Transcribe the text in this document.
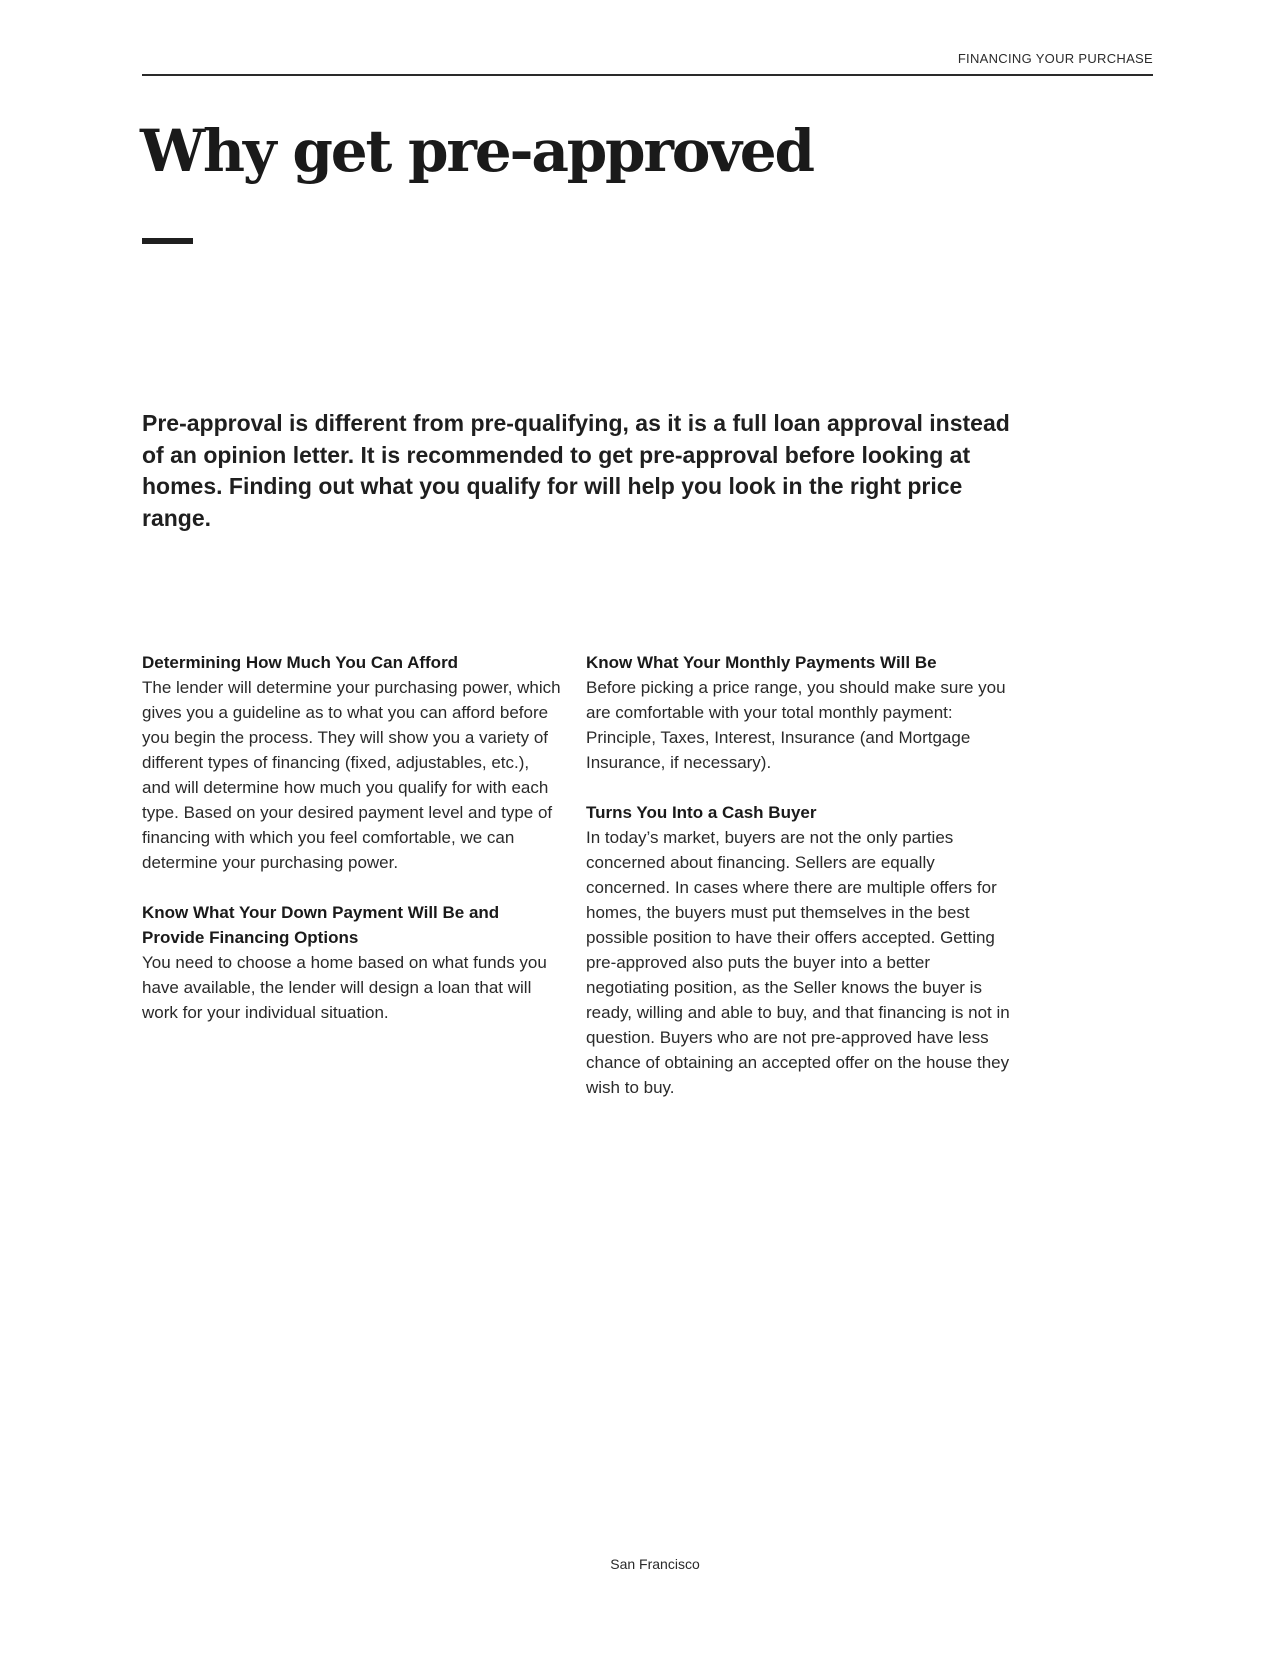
FINANCING YOUR PURCHASE
Why get pre-approved

Pre-approval is different from pre-qualifying, as it is a full loan approval instead of an opinion letter. It is recommended to get pre-approval before looking at homes. Finding out what you qualify for will help you look in the right price range.

Determining How Much You Can Afford

The lender will determine your purchasing power, which gives you a guideline as to what you can afford before you begin the process. They will show you a variety of different types of financing (fixed, adjustables, etc.), and will determine how much you qualify for with each type. Based on your desired payment level and type of financing with which you feel comfortable, we can determine your purchasing power.

Know What Your Down Payment Will Be and Provide Financing Options

You need to choose a home based on what funds you have available, the lender will design a loan that will work for your individual situation.

Know What Your Monthly Payments Will Be

Before picking a price range, you should make sure you are comfortable with your total monthly payment: Principle, Taxes, Interest, Insurance (and Mortgage Insurance, if necessary).

Turns You Into a Cash Buyer

In today’s market, buyers are not the only parties concerned about financing. Sellers are equally concerned. In cases where there are multiple offers for homes, the buyers must put themselves in the best possible position to have their offers accepted. Getting pre-approved also puts the buyer into a better negotiating position, as the Seller knows the buyer is ready, willing and able to buy, and that financing is not in question. Buyers who are not pre-approved have less chance of obtaining an accepted offer on the house they wish to buy.

San Francisco
